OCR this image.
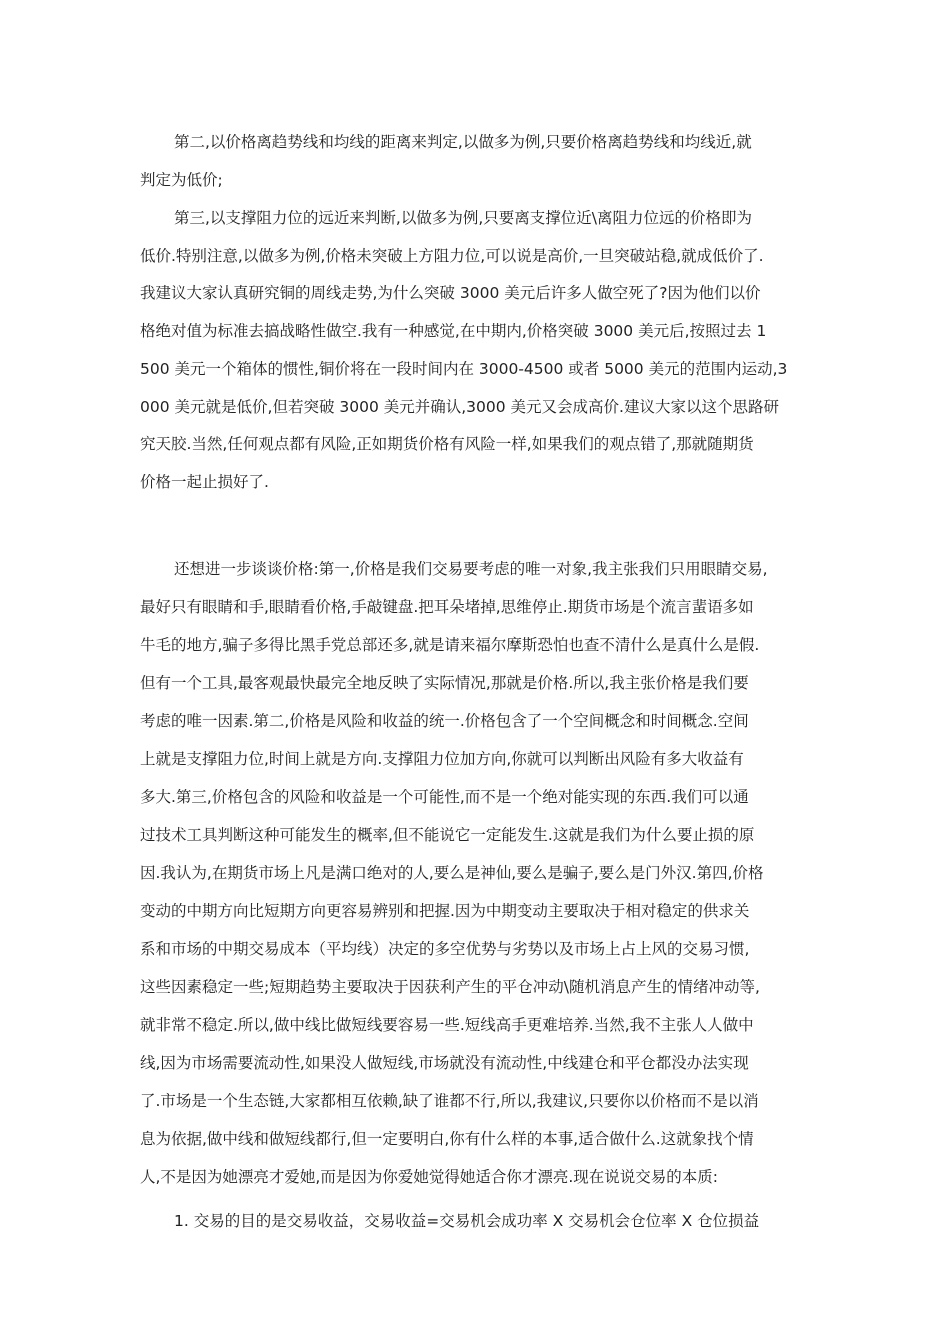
第二,以价格离趋势线和均线的距离来判定,以做多为例,只要价格离趋势线和均线近,就
判定为低价;
第三,以支撑阻力位的远近来判断,以做多为例,只要离支撑位近\离阻力位远的价格即为
低价.特别注意,以做多为例,价格未突破上方阻力位,可以说是高价,一旦突破站稳,就成低价了.
我建议大家认真研究铜的周线走势,为什么突破 3000 美元后许多人做空死了?因为他们以价
格绝对值为标准去搞战略性做空.我有一种感觉,在中期内,价格突破 3000 美元后,按照过去 1
500 美元一个箱体的惯性,铜价将在一段时间内在 3000-4500 或者 5000 美元的范围内运动,3
000 美元就是低价,但若突破 3000 美元并确认,3000 美元又会成高价.建议大家以这个思路研
究天胶.当然,任何观点都有风险,正如期货价格有风险一样,如果我们的观点错了,那就随期货
价格一起止损好了.
还想进一步谈谈价格:第一,价格是我们交易要考虑的唯一对象,我主张我们只用眼睛交易,
最好只有眼睛和手,眼睛看价格,手敲键盘.把耳朵堵掉,思维停止.期货市场是个流言蜚语多如
牛毛的地方,骗子多得比黑手党总部还多,就是请来福尔摩斯恐怕也查不清什么是真什么是假.
但有一个工具,最客观最快最完全地反映了实际情况,那就是价格.所以,我主张价格是我们要
考虑的唯一因素.第二,价格是风险和收益的统一.价格包含了一个空间概念和时间概念.空间
上就是支撑阻力位,时间上就是方向.支撑阻力位加方向,你就可以判断出风险有多大收益有
多大.第三,价格包含的风险和收益是一个可能性,而不是一个绝对能实现的东西.我们可以通
过技术工具判断这种可能发生的概率,但不能说它一定能发生.这就是我们为什么要止损的原
因.我认为,在期货市场上凡是满口绝对的人,要么是神仙,要么是骗子,要么是门外汉.第四,价格
变动的中期方向比短期方向更容易辨别和把握.因为中期变动主要取决于相对稳定的供求关
系和市场的中期交易成本（平均线）决定的多空优势与劣势以及市场上占上风的交易习惯,
这些因素稳定一些;短期趋势主要取决于因获利产生的平仓冲动\随机消息产生的情绪冲动等,
就非常不稳定.所以,做中线比做短线要容易一些.短线高手更难培养.当然,我不主张人人做中
线,因为市场需要流动性,如果没人做短线,市场就没有流动性,中线建仓和平仓都没办法实现
了.市场是一个生态链,大家都相互依赖,缺了谁都不行,所以,我建议,只要你以价格而不是以消
息为依据,做中线和做短线都行,但一定要明白,你有什么样的本事,适合做什么.这就象找个情
人,不是因为她漂亮才爱她,而是因为你爱她觉得她适合你才漂亮.现在说说交易的本质:
1. 交易的目的是交易收益，交易收益=交易机会成功率 X 交易机会仓位率 X 仓位损益
